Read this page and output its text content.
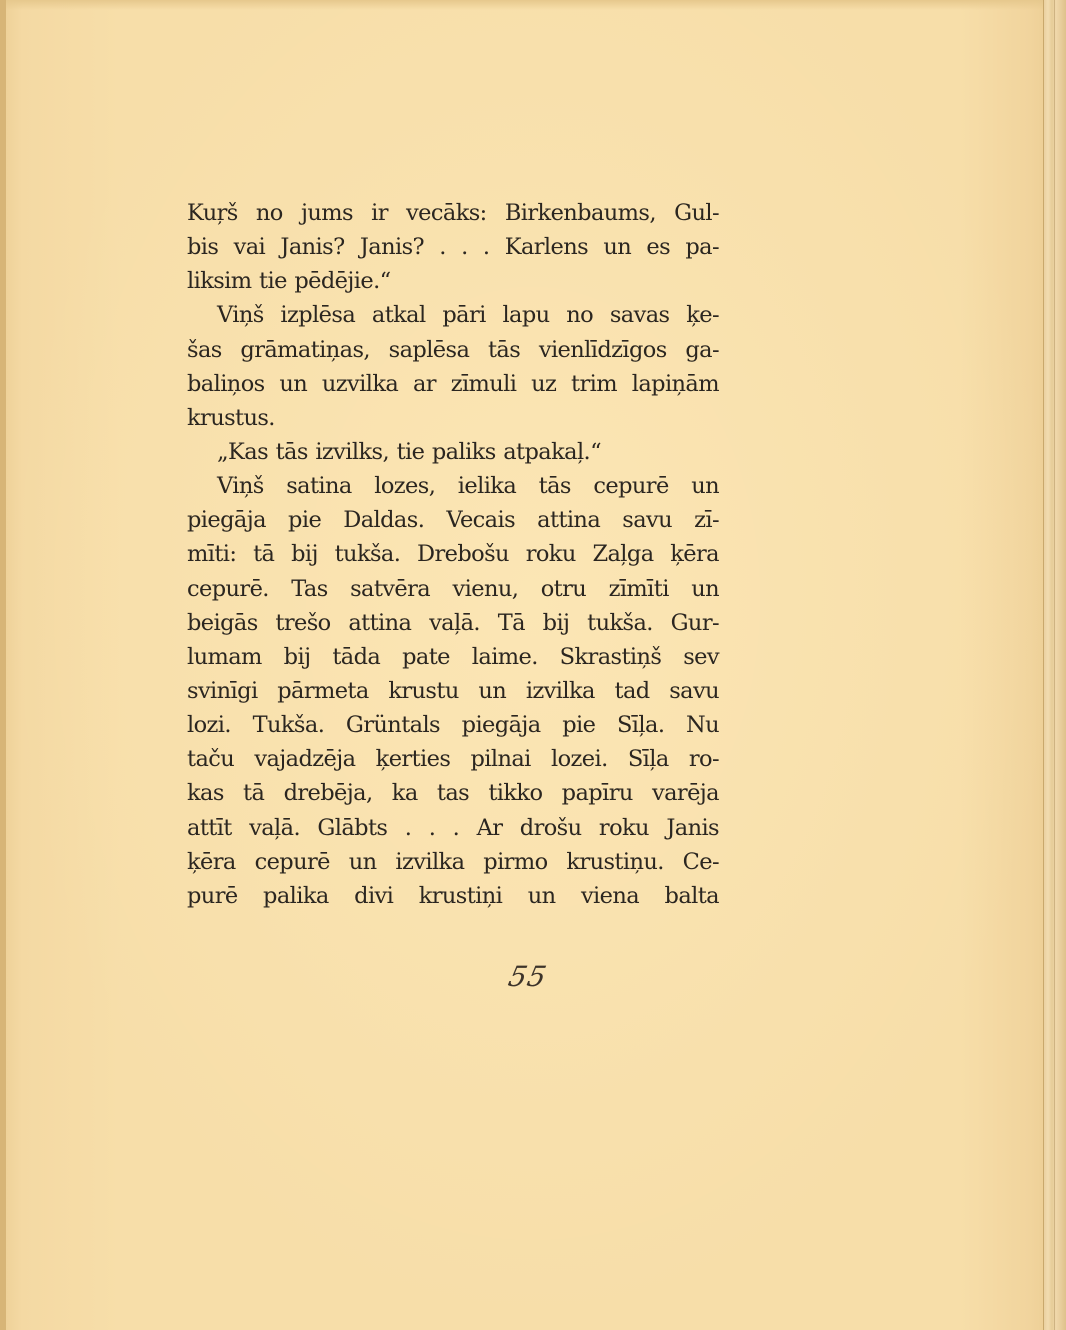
Kuŗš no jums ir vecāks: Birkenbaums, Gul-
bis vai Janis? Janis? . . . Karlens un es pa-
liksim tie pēdējie.“
Viņš izplēsa atkal pāri lapu no savas ķe-
šas grāmatiņas, saplēsa tās vienlīdzīgos ga-
baliņos un uzvilka ar zīmuli uz trim lapiņām
krustus.
„Kas tās izvilks, tie paliks atpakaļ.“
Viņš satina lozes, ielika tās cepurē un
piegāja pie Daldas. Vecais attina savu zī-
mīti: tā bij tukša. Drebošu roku Zaļga ķēra
cepurē. Tas satvēra vienu, otru zīmīti un
beigās trešo attina vaļā. Tā bij tukša. Gur-
lumam bij tāda pate laime. Skrastiņš sev
svinīgi pārmeta krustu un izvilka tad savu
lozi. Tukša. Grüntals piegāja pie Sīļa. Nu
taču vajadzēja ķerties pilnai lozei. Sīļa ro-
kas tā drebēja, ka tas tikko papīru varēja
attīt vaļā. Glābts . . . Ar drošu roku Janis
ķēra cepurē un izvilka pirmo krustiņu. Ce-
purē palika divi krustiņi un viena balta
55
